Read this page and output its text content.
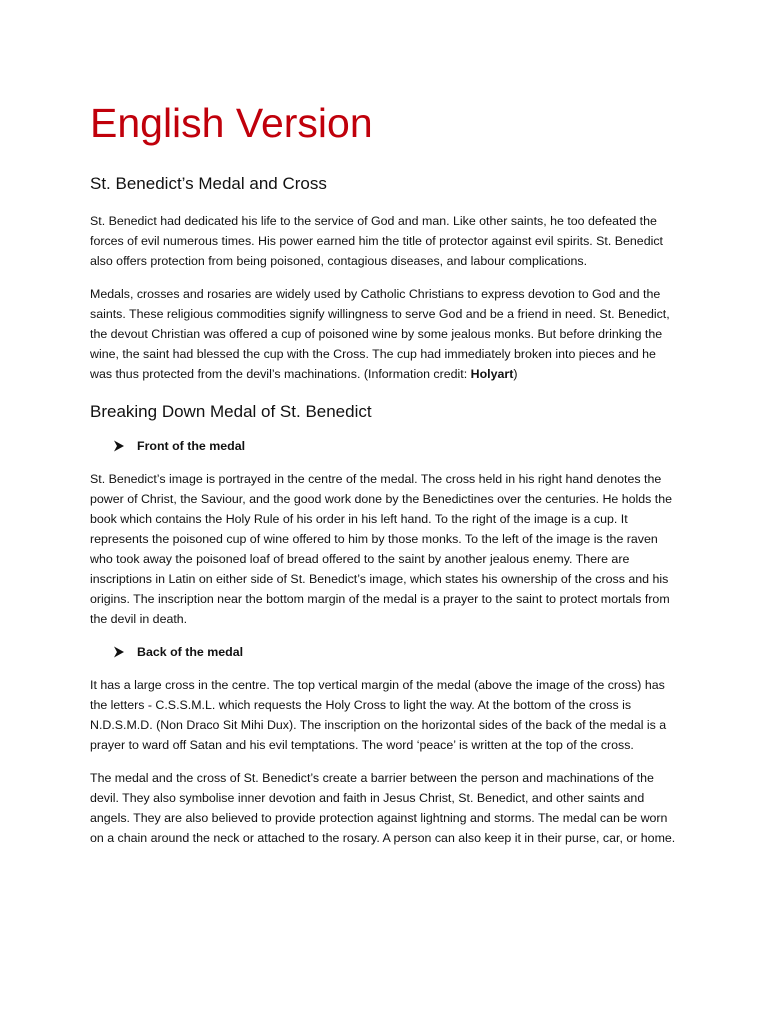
English Version
St. Benedict’s Medal and Cross

St. Benedict had dedicated his life to the service of God and man. Like other saints, he too defeated the forces of evil numerous times. His power earned him the title of protector against evil spirits. St. Benedict also offers protection from being poisoned, contagious diseases, and labour complications.

Medals, crosses and rosaries are widely used by Catholic Christians to express devotion to God and the saints. These religious commodities signify willingness to serve God and be a friend in need. St. Benedict, the devout Christian was offered a cup of poisoned wine by some jealous monks. But before drinking the wine, the saint had blessed the cup with the Cross. The cup had immediately broken into pieces and he was thus protected from the devil’s machinations. (Information credit: Holyart)

Breaking Down Medal of St. Benedict
Front of the medal

St. Benedict’s image is portrayed in the centre of the medal. The cross held in his right hand denotes the power of Christ, the Saviour, and the good work done by the Benedictines over the centuries. He holds the book which contains the Holy Rule of his order in his left hand. To the right of the image is a cup. It represents the poisoned cup of wine offered to him by those monks. To the left of the image is the raven who took away the poisoned loaf of bread offered to the saint by another jealous enemy. There are inscriptions in Latin on either side of St. Benedict’s image, which states his ownership of the cross and his origins. The inscription near the bottom margin of the medal is a prayer to the saint to protect mortals from the devil in death.

Back of the medal

It has a large cross in the centre. The top vertical margin of the medal (above the image of the cross) has the letters - C.S.S.M.L. which requests the Holy Cross to light the way. At the bottom of the cross is N.D.S.M.D. (Non Draco Sit Mihi Dux). The inscription on the horizontal sides of the back of the medal is a prayer to ward off Satan and his evil temptations. The word ‘peace’ is written at the top of the cross.

The medal and the cross of St. Benedict’s create a barrier between the person and machinations of the devil. They also symbolise inner devotion and faith in Jesus Christ, St. Benedict, and other saints and angels. They are also believed to provide protection against lightning and storms. The medal can be worn on a chain around the neck or attached to the rosary. A person can also keep it in their purse, car, or home.
